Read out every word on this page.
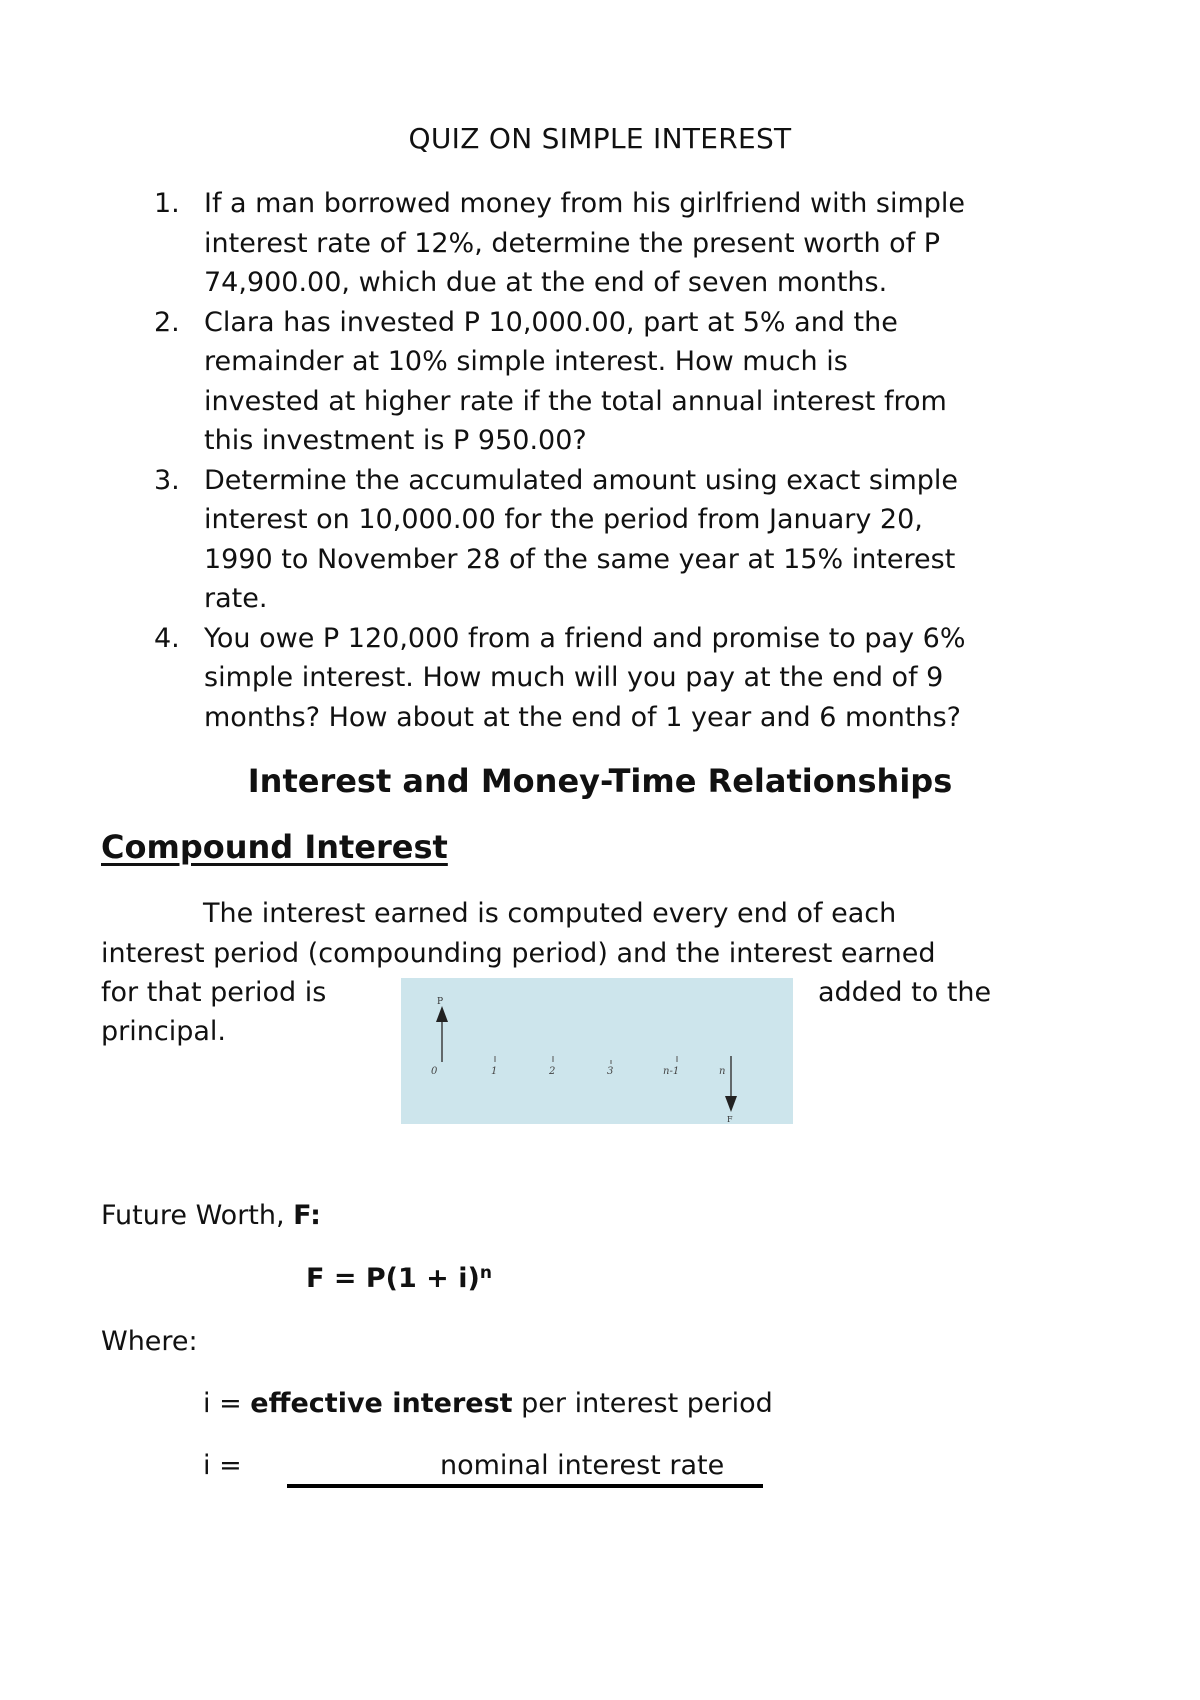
QUIZ ON SIMPLE INTEREST
1. If a man borrowed money from his girlfriend with simple
interest rate of 12%, determine the present worth of P
74,900.00, which due at the end of seven months.
2. Clara has invested P 10,000.00, part at 5% and the
remainder at 10% simple interest. How much is
invested at higher rate if the total annual interest from
this investment is P 950.00?
3. Determine the accumulated amount using exact simple
interest on 10,000.00 for the period from January 20,
1990 to November 28 of the same year at 15% interest
rate.
4. You owe P 120,000 from a friend and promise to pay 6%
simple interest. How much will you pay at the end of 9
months? How about at the end of 1 year and 6 months?
Interest and Money-Time Relationships
Compound Interest
The interest earned is computed every end of each
interest period (compounding period) and the interest earned
for that period is	added to the
principal.
P
0	1	2	3	n-1	n
F
Future Worth, F:
$F = P(1 + i)^n$
Where:
i = effective interest per interest period
i =	nominal interest rate
